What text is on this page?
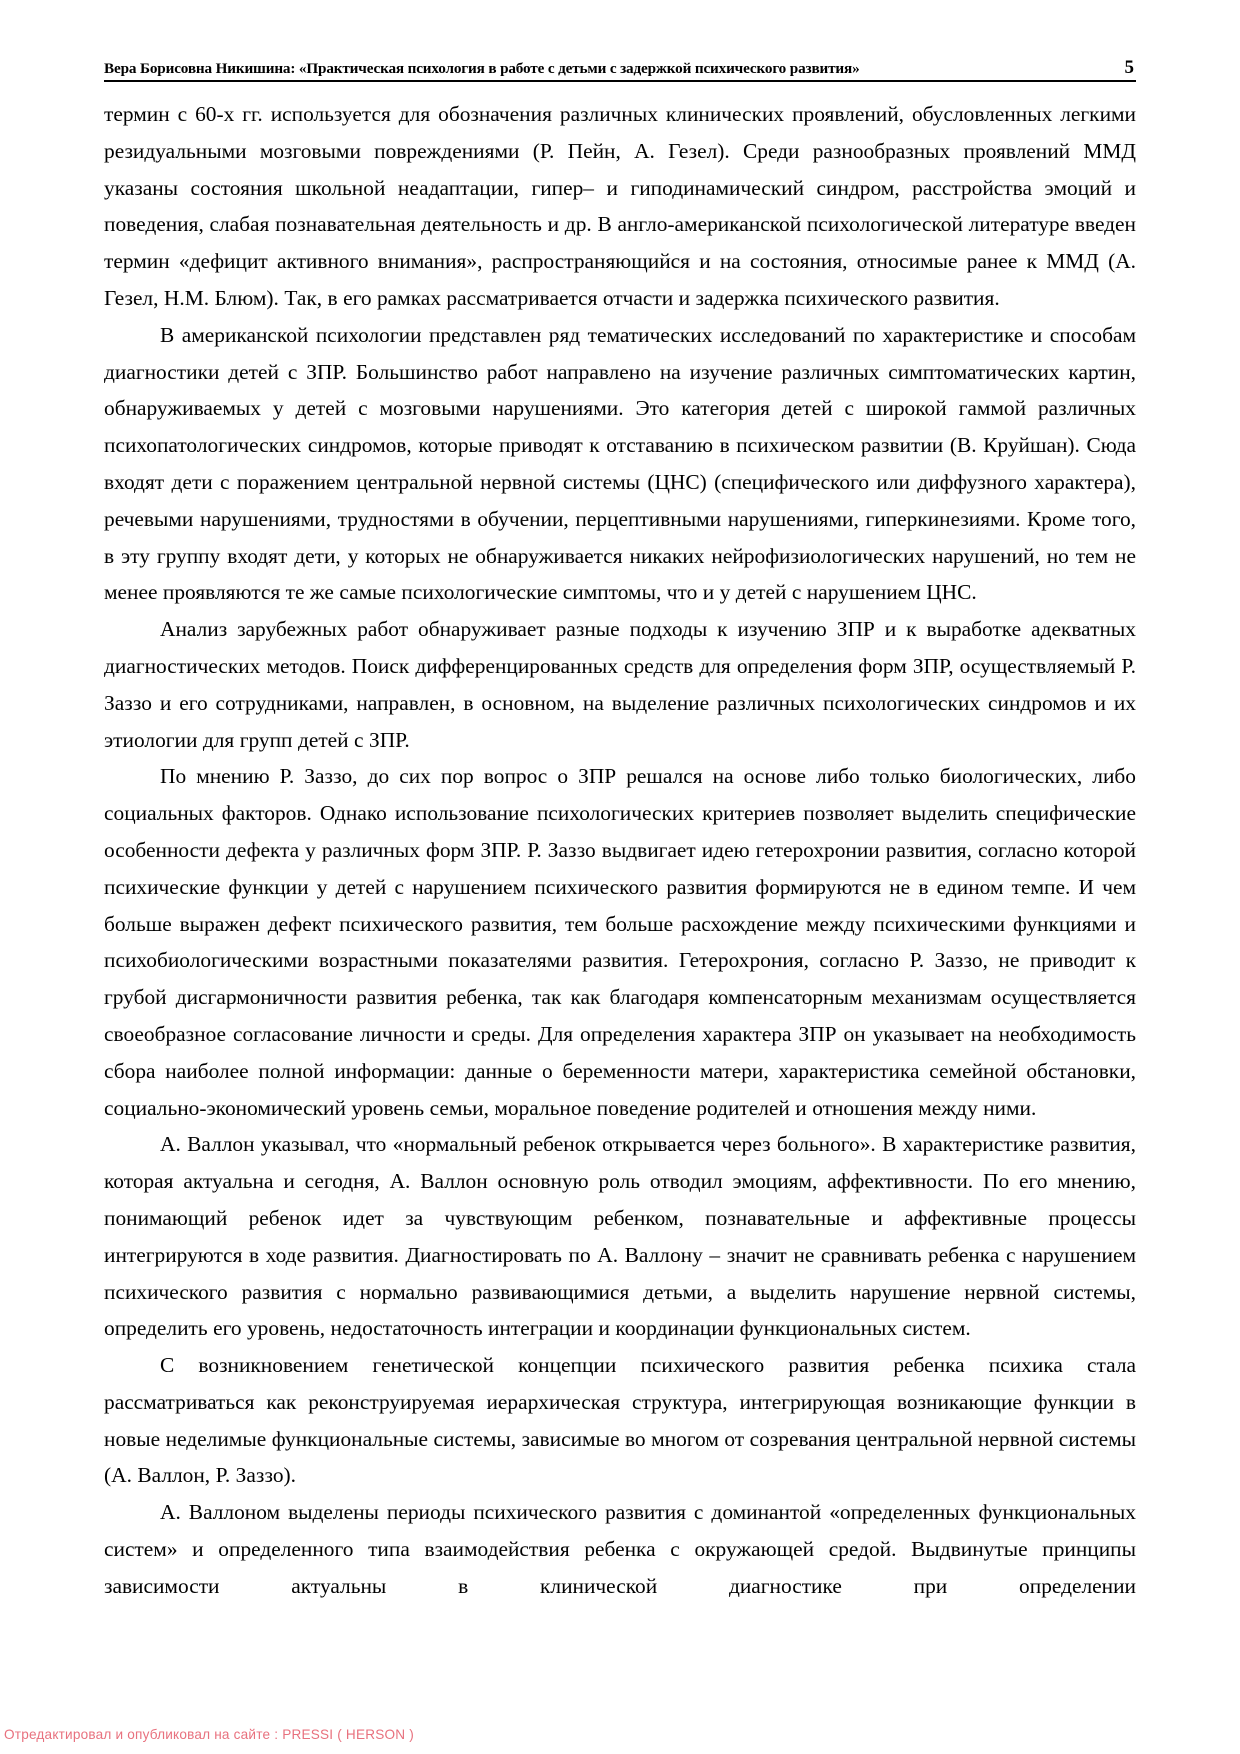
Вера Борисовна Никишина: «Практическая психология в работе с детьми с задержкой психического развития»	5

термин с 60-х гг. используется для обозначения различных клинических проявлений, обусловленных легкими резидуальными мозговыми повреждениями (Р. Пейн, А. Гезел). Среди разнообразных проявлений ММД указаны состояния школьной неадаптации, гипер– и гиподинамический синдром, расстройства эмоций и поведения, слабая познавательная деятельность и др. В англо-американской психологической литературе введен термин «дефицит активного внимания», распространяющийся и на состояния, относимые ранее к ММД (А. Гезел, Н.М. Блюм). Так, в его рамках рассматривается отчасти и задержка психического развития.

В американской психологии представлен ряд тематических исследований по характеристике и способам диагностики детей с ЗПР. Большинство работ направлено на изучение различных симптоматических картин, обнаруживаемых у детей с мозговыми нарушениями. Это категория детей с широкой гаммой различных психопатологических синдромов, которые приводят к отставанию в психическом развитии (В. Круйшан). Сюда входят дети с поражением центральной нервной системы (ЦНС) (специфического или диффузного характера), речевыми нарушениями, трудностями в обучении, перцептивными нарушениями, гиперкинезиями. Кроме того, в эту группу входят дети, у которых не обнаруживается никаких нейрофизиологических нарушений, но тем не менее проявляются те же самые психологические симптомы, что и у детей с нарушением ЦНС.

Анализ зарубежных работ обнаруживает разные подходы к изучению ЗПР и к выработке адекватных диагностических методов. Поиск дифференцированных средств для определения форм ЗПР, осуществляемый Р. Заззо и его сотрудниками, направлен, в основном, на выделение различных психологических синдромов и их этиологии для групп детей с ЗПР.

По мнению Р. Заззо, до сих пор вопрос о ЗПР решался на основе либо только биологических, либо социальных факторов. Однако использование психологических критериев позволяет выделить специфические особенности дефекта у различных форм ЗПР. Р. Заззо выдвигает идею гетерохронии развития, согласно которой психические функции у детей с нарушением психического развития формируются не в едином темпе. И чем больше выражен дефект психического развития, тем больше расхождение между психическими функциями и психобиологическими возрастными показателями развития. Гетерохрония, согласно Р. Заззо, не приводит к грубой дисгармоничности развития ребенка, так как благодаря компенсаторным механизмам осуществляется своеобразное согласование личности и среды. Для определения характера ЗПР он указывает на необходимость сбора наиболее полной информации: данные о беременности матери, характеристика семейной обстановки, социально-экономический уровень семьи, моральное поведение родителей и отношения между ними.

А. Валлон указывал, что «нормальный ребенок открывается через больного». В характеристике развития, которая актуальна и сегодня, А. Валлон основную роль отводил эмоциям, аффективности. По его мнению, понимающий ребенок идет за чувствующим ребенком, познавательные и аффективные процессы интегрируются в ходе развития. Диагностировать по А. Валлону – значит не сравнивать ребенка с нарушением психического развития с нормально развивающимися детьми, а выделить нарушение нервной системы, определить его уровень, недостаточность интеграции и координации функциональных систем.

С возникновением генетической концепции психического развития ребенка психика стала рассматриваться как реконструируемая иерархическая структура, интегрирующая возникающие функции в новые неделимые функциональные системы, зависимые во многом от созревания центральной нервной системы (А. Валлон, Р. Заззо).

А. Валлоном выделены периоды психического развития с доминантой «определенных функциональных систем» и определенного типа взаимодействия ребенка с окружающей средой. Выдвинутые принципы зависимости актуальны в клинической диагностике при определении

Отредактировал и опубликовал на сайте : PRESSI ( HERSON )
